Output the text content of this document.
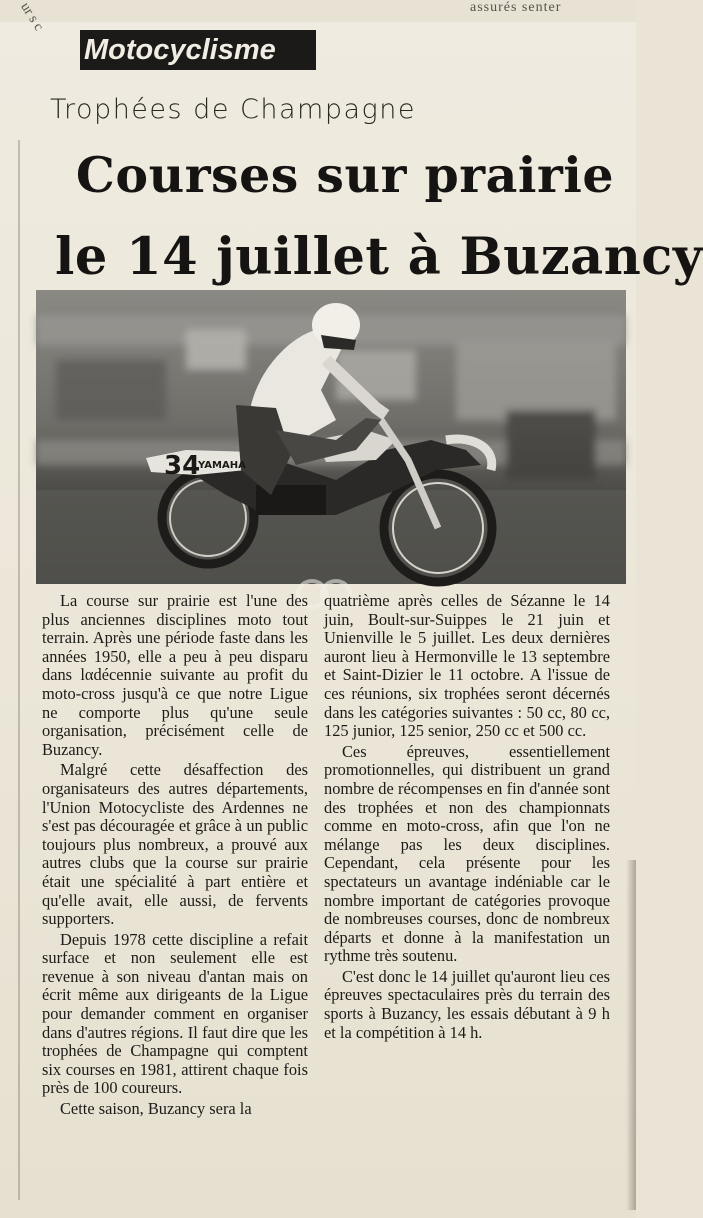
assurés senter
ur s c
Motocyclisme
Trophées de Champagne
Courses sur prairie
le 14 juillet à Buzancy
34
YAMAHA

La course sur prairie est l'une des plus anciennes disciplines moto tout terrain. Après une période faste dans les années 1950, elle a peu à peu disparu dans lαdécennie suivante au profit du moto-cross jusqu'à ce que notre Ligue ne comporte plus qu'une seule organisation, précisément celle de Buzancy.

Malgré cette désaffection des organisateurs des autres départements, l'Union Motocycliste des Ardennes ne s'est pas découragée et grâce à un public toujours plus nombreux, a prouvé aux autres clubs que la course sur prairie était une spécialité à part entière et qu'elle avait, elle aussi, de fervents supporters.

Depuis 1978 cette discipline a refait surface et non seulement elle est revenue à son niveau d'antan mais on écrit même aux dirigeants de la Ligue pour demander comment en organiser dans d'autres régions. Il faut dire que les trophées de Champagne qui comptent six courses en 1981, attirent chaque fois près de 100 coureurs.

Cette saison, Buzancy sera la

quatrième après celles de Sézanne le 14 juin, Boult-sur-Suippes le 21 juin et Unienville le 5 juillet. Les deux dernières auront lieu à Hermonville le 13 septembre et Saint-Dizier le 11 octobre. A l'issue de ces réunions, six trophées seront décernés dans les catégories suivantes : 50 cc, 80 cc, 125 junior, 125 senior, 250 cc et 500 cc.

Ces épreuves, essentiellement promotionnelles, qui distribuent un grand nombre de récompenses en fin d'année sont des trophées et non des championnats comme en moto-cross, afin que l'on ne mélange pas les deux disciplines. Cependant, cela présente pour les spectateurs un avantage indéniable car le nombre important de catégories provoque de nombreuses courses, donc de nombreux départs et donne à la manifestation un rythme très soutenu.

C'est donc le 14 juillet qu'auront lieu ces épreuves spectaculaires près du terrain des sports à Buzancy, les essais débutant à 9 h et la compétition à 14 h.
